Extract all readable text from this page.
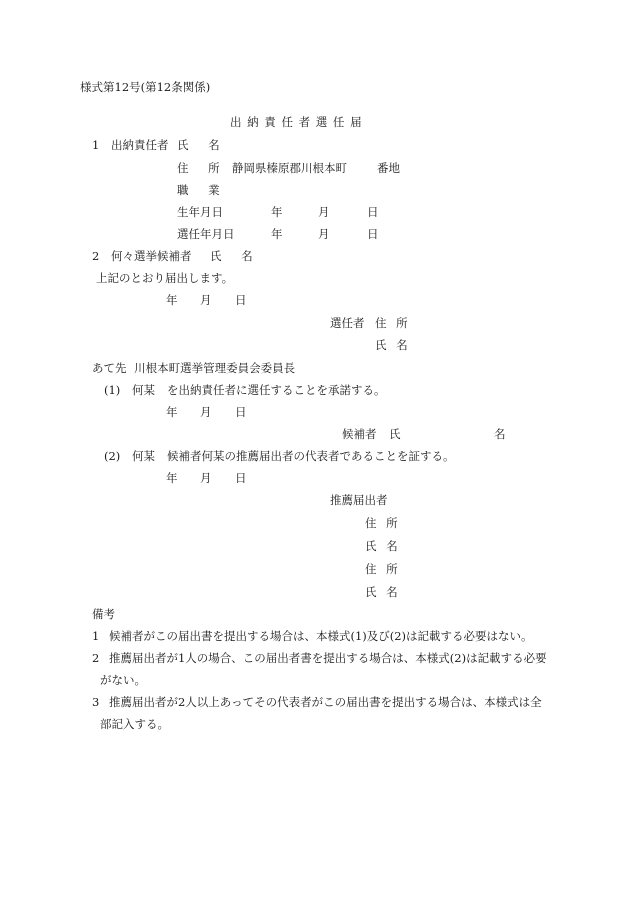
様式第12号(第12条関係)
出 納 責 任 者 選 任 届
1 出納責任者 氏 名
住 所 静岡県榛原郡川根本町	番地
職 業
生年月日	年	月	日
選任年月日	年	月	日
2 何々選挙候補者 氏 名
上記のとおり届出します。
年 月 日
選任者 住 所
氏 名
あて先 川根本町選挙管理委員会委員長
(1) 何某 を出納責任者に選任することを承諾する。
年 月 日
候補者 氏	名
(2) 何某 候補者何某の推薦届出者の代表者であることを証する。
年 月 日
推薦届出者
住 所
氏 名
住 所
氏 名
備考
1 候補者がこの届出書を提出する場合は、本様式(1)及び(2)は記載する必要はない。
2 推薦届出者が1人の場合、この届出者書を提出する場合は、本様式(2)は記載する必要
がない。
3 推薦届出者が2人以上あってその代表者がこの届出書を提出する場合は、本様式は全
部記入する。
